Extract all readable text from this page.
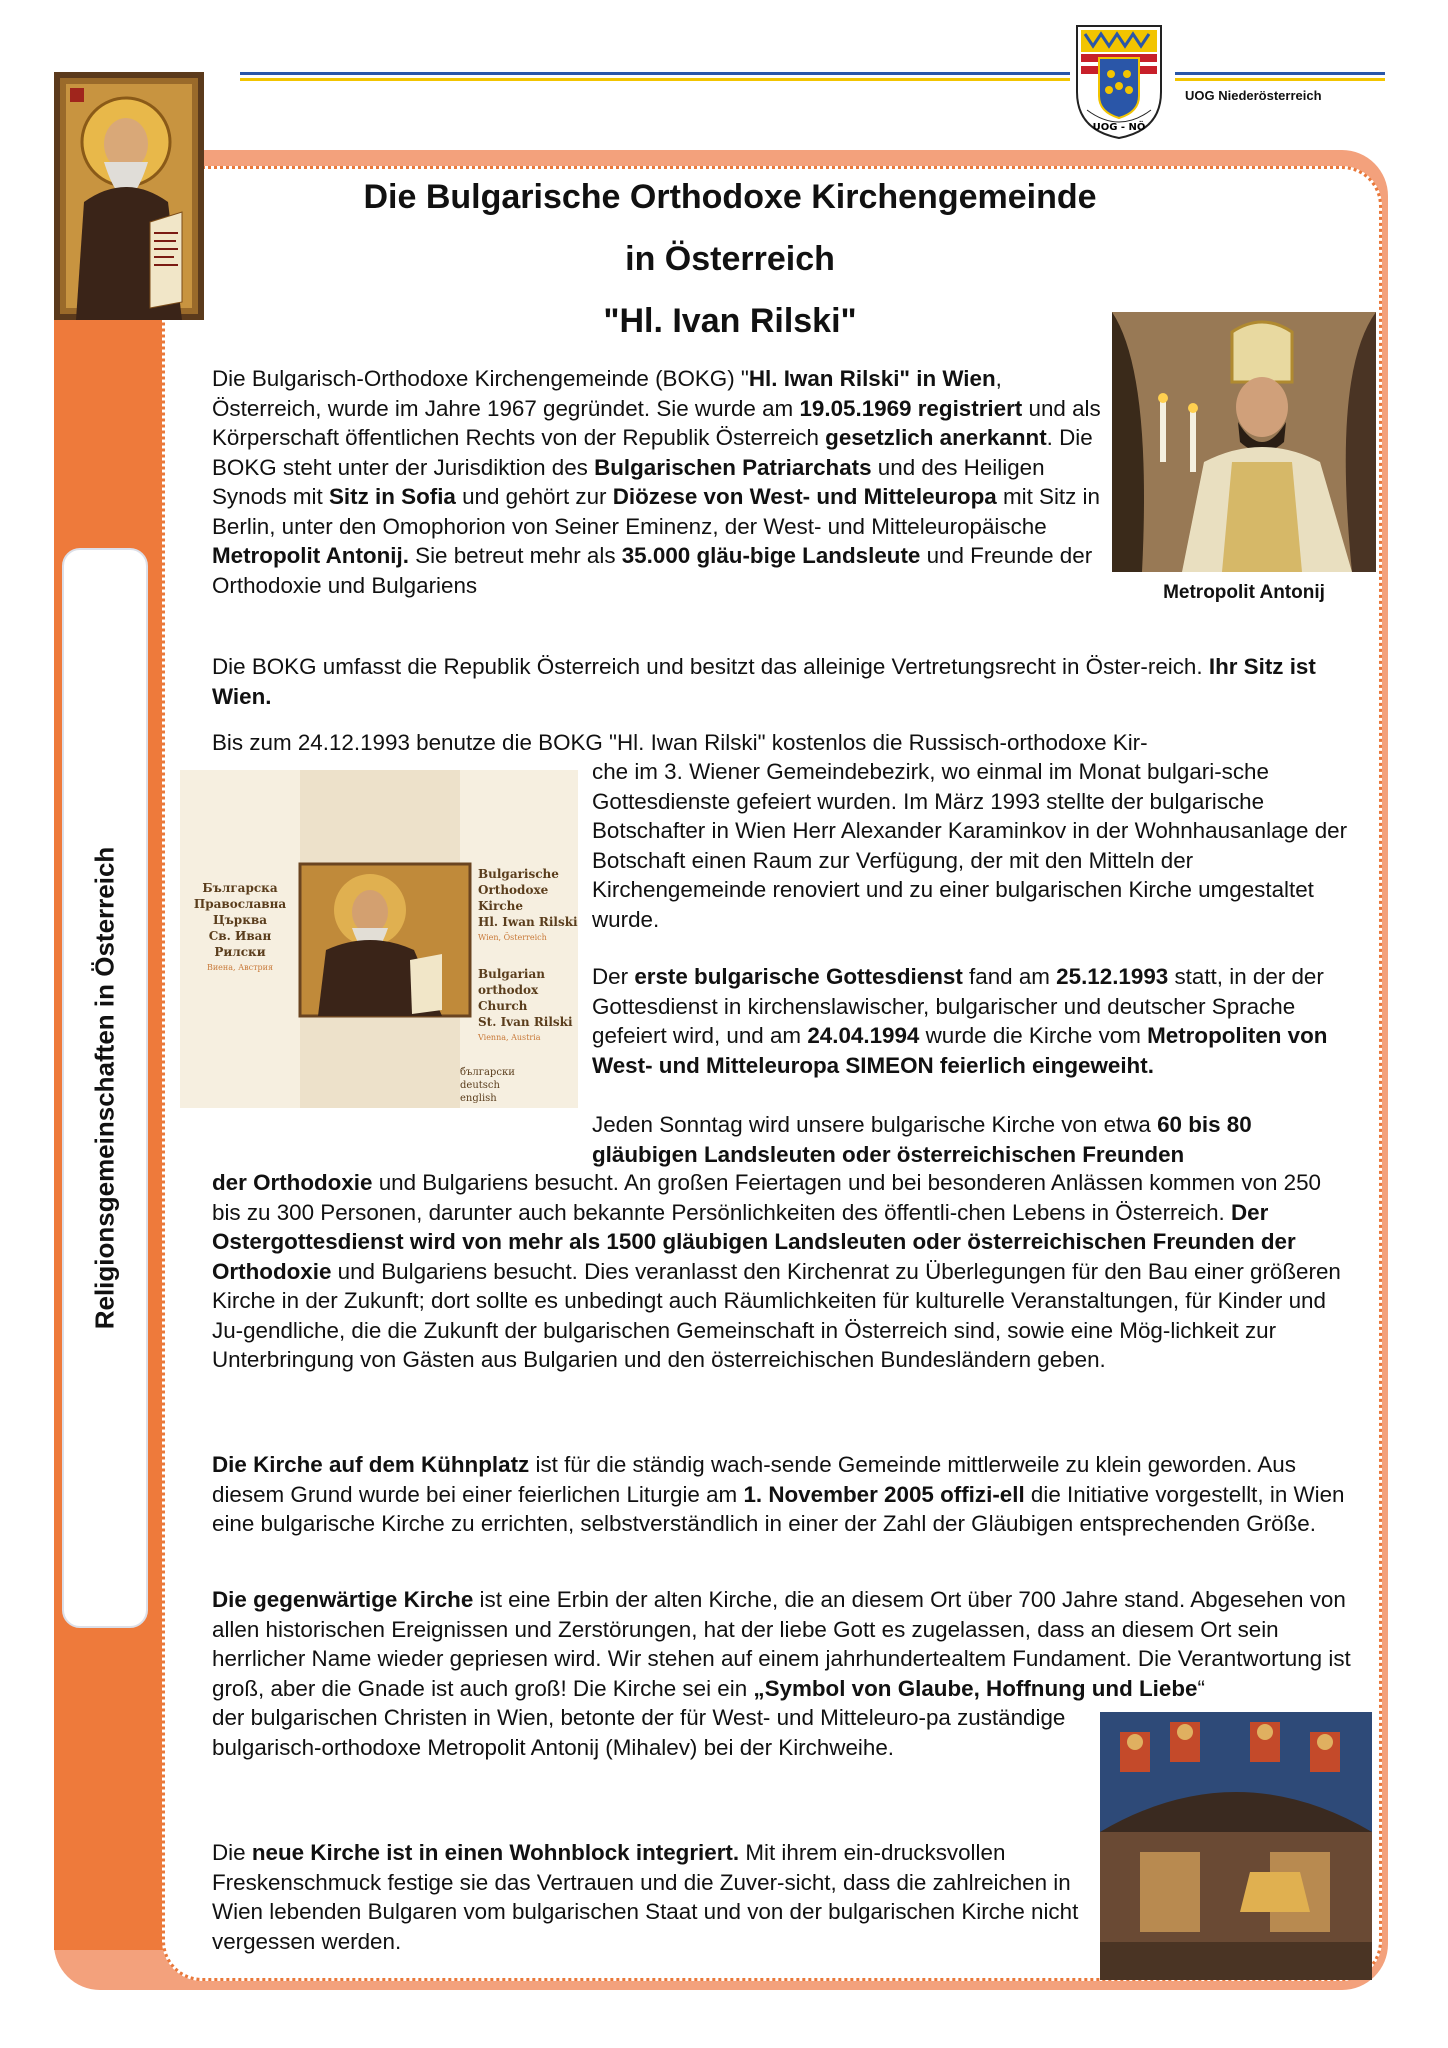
UOG - NÖ
UOG Niederösterreich
Religionsgemeinschaften in Österreich
Die Bulgarische Orthodoxe Kirchengemeinde
in Österreich
"Hl. Ivan Rilski"
Metropolit Antonij
Българска
Православна
Църква
Св. Иван Рилски
Виена, Австрия
Bulgarische
Orthodoxe
Kirche
Hl. Iwan Rilski
Wien, Österreich
Bulgarian
orthodox
Church
St. Ivan Rilski
Vienna, Austria
български
deutsch
english

Die Bulgarisch-Orthodoxe Kirchengemeinde (BOKG) "Hl. Iwan Rilski" in Wien, Österreich, wurde im Jahre 1967 gegründet. Sie wurde am 19.05.1969 registriert und als Körperschaft öffentlichen Rechts von der Republik Österreich gesetzlich anerkannt. Die BOKG steht unter der Jurisdiktion des Bulgarischen Patriarchats und des Heiligen Synods mit Sitz in Sofia und gehört zur Diözese von West- und Mitteleuropa mit Sitz in Berlin, unter den Omophorion von Seiner Eminenz, der West- und Mitteleuropäische Metropolit Antonij. Sie betreut mehr als 35.000 gläu-bige Landsleute und Freunde der Orthodoxie und Bulgariens

Die BOKG umfasst die Republik Österreich und besitzt das alleinige Vertretungsrecht in Öster-reich. Ihr Sitz ist Wien.

Bis zum 24.12.1993 benutze die BOKG "Hl. Iwan Rilski" kostenlos die Russisch-orthodoxe Kir-

che im 3. Wiener Gemeindebezirk, wo einmal im Monat bulgari-sche Gottesdienste gefeiert wurden. Im März 1993 stellte der bulgarische Botschafter in Wien Herr Alexander Karaminkov in der Wohnhausanlage der Botschaft einen Raum zur Verfügung, der mit den Mitteln der Kirchengemeinde renoviert und zu einer bulgarischen Kirche umgestaltet wurde.

Der erste bulgarische Gottesdienst fand am 25.12.1993 statt, in der der Gottesdienst in kirchenslawischer, bulgarischer und deutscher Sprache gefeiert wird, und am 24.04.1994 wurde die Kirche vom Metropoliten von West- und Mitteleuropa SIMEON feierlich eingeweiht.

Jeden Sonntag wird unsere bulgarische Kirche von etwa 60 bis 80 gläubigen Landsleuten oder österreichischen Freunden

der Orthodoxie und Bulgariens besucht. An großen Feiertagen und bei besonderen Anlässen kommen von 250 bis zu 300 Personen, darunter auch bekannte Persönlichkeiten des öffentli-chen Lebens in Österreich. Der Ostergottesdienst wird von mehr als 1500 gläubigen Landsleuten oder österreichischen Freunden der Orthodoxie und Bulgariens besucht. Dies veranlasst den Kirchenrat zu Überlegungen für den Bau einer größeren Kirche in der Zukunft; dort sollte es unbedingt auch Räumlichkeiten für kulturelle Veranstaltungen, für Kinder und Ju-gendliche, die die Zukunft der bulgarischen Gemeinschaft in Österreich sind, sowie eine Mög-lichkeit zur Unterbringung von Gästen aus Bulgarien und den österreichischen Bundesländern geben.

Die Kirche auf dem Kühnplatz ist für die ständig wach-sende Gemeinde mittlerweile zu klein geworden. Aus diesem Grund wurde bei einer feierlichen Liturgie am 1. November 2005 offizi-ell die Initiative vorgestellt, in Wien eine bulgarische Kirche zu errichten, selbstverständlich in einer der Zahl der Gläubigen entsprechenden Größe.

Die gegenwärtige Kirche ist eine Erbin der alten Kirche, die an diesem Ort über 700 Jahre stand. Abgesehen von allen historischen Ereignissen und Zerstörungen, hat der liebe Gott es zugelassen, dass an diesem Ort sein herrlicher Name wieder gepriesen wird. Wir stehen auf einem jahrhundertealtem Fundament. Die Verantwortung ist groß, aber die Gnade ist auch groß! Die Kirche sei ein „Symbol von Glaube, Hoffnung und Liebe“

der bulgarischen Christen in Wien, betonte der für West- und Mitteleuro-pa zuständige bulgarisch-orthodoxe Metropolit Antonij (Mihalev) bei der Kirchweihe.

Die neue Kirche ist in einen Wohnblock integriert. Mit ihrem ein-drucksvollen Freskenschmuck festige sie das Vertrauen und die Zuver-sicht, dass die zahlreichen in Wien lebenden Bulgaren vom bulgarischen Staat und von der bulgarischen Kirche nicht vergessen werden.
